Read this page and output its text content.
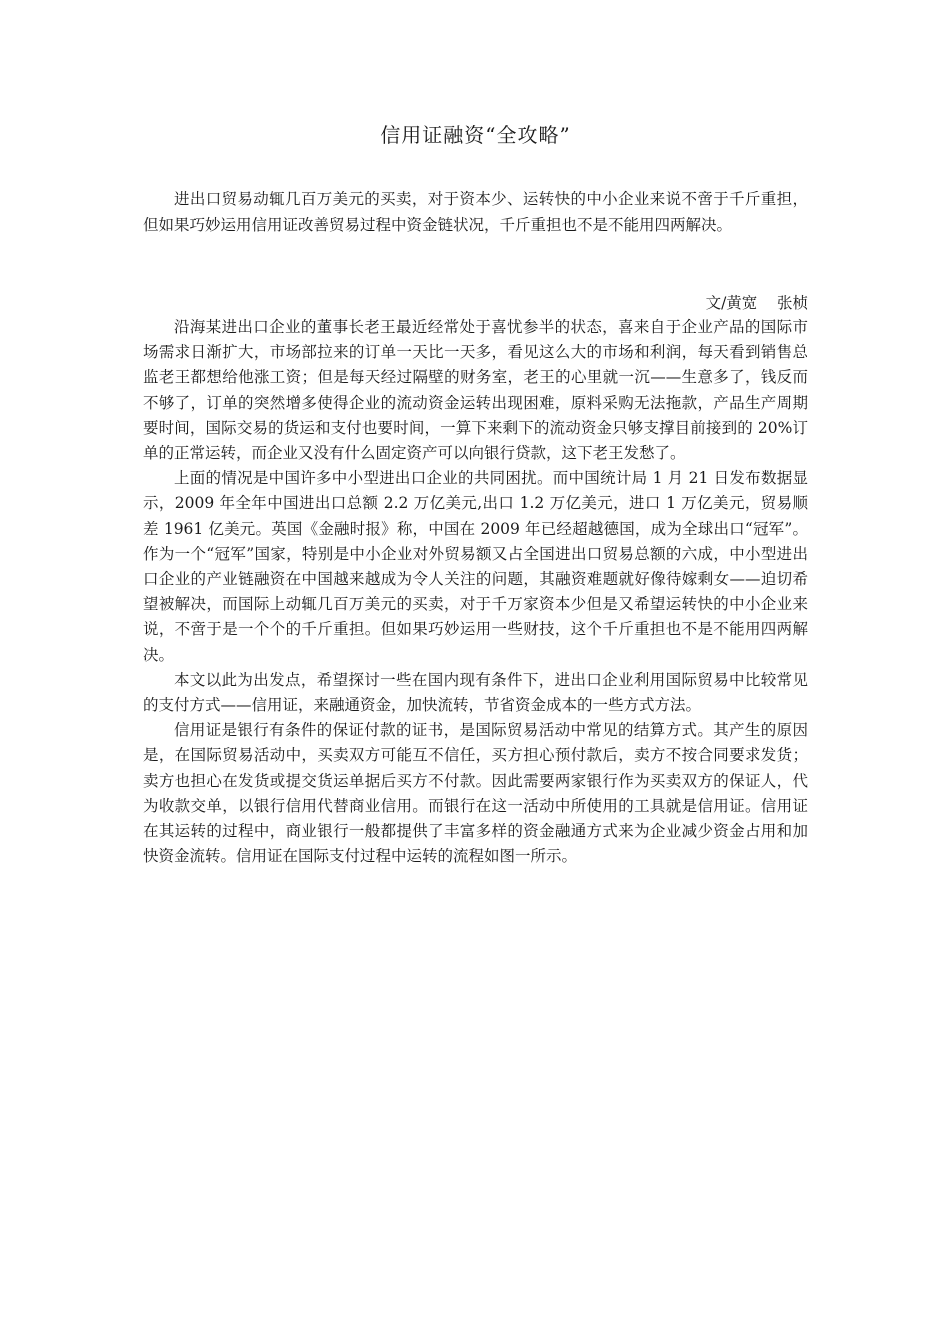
信用证融资“全攻略”

进出口贸易动辄几百万美元的买卖，对于资本少、运转快的中小企业来说不啻于千斤重担，但如果巧妙运用信用证改善贸易过程中资金链状况，千斤重担也不是不能用四两解决。

文/黄宽    张桢

沿海某进出口企业的董事长老王最近经常处于喜忧参半的状态，喜来自于企业产品的国际市场需求日渐扩大，市场部拉来的订单一天比一天多，看见这么大的市场和利润，每天看到销售总监老王都想给他涨工资；但是每天经过隔壁的财务室，老王的心里就一沉——生意多了，钱反而不够了，订单的突然增多使得企业的流动资金运转出现困难，原料采购无法拖款，产品生产周期要时间，国际交易的货运和支付也要时间，一算下来剩下的流动资金只够支撑目前接到的 20%订单的正常运转，而企业又没有什么固定资产可以向银行贷款，这下老王发愁了。

上面的情况是中国许多中小型进出口企业的共同困扰。而中国统计局 1 月 21 日发布数据显示，2009 年全年中国进出口总额 2.2 万亿美元,出口 1.2 万亿美元，进口 1 万亿美元，贸易顺差 1961 亿美元。英国《金融时报》称，中国在 2009 年已经超越德国，成为全球出口“冠军”。作为一个“冠军”国家，特别是中小企业对外贸易额又占全国进出口贸易总额的六成，中小型进出口企业的产业链融资在中国越来越成为令人关注的问题，其融资难题就好像待嫁剩女——迫切希望被解决，而国际上动辄几百万美元的买卖，对于千万家资本少但是又希望运转快的中小企业来说，不啻于是一个个的千斤重担。但如果巧妙运用一些财技，这个千斤重担也不是不能用四两解决。

本文以此为出发点，希望探讨一些在国内现有条件下，进出口企业利用国际贸易中比较常见的支付方式——信用证，来融通资金，加快流转，节省资金成本的一些方式方法。

信用证是银行有条件的保证付款的证书，是国际贸易活动中常见的结算方式。其产生的原因是，在国际贸易活动中，买卖双方可能互不信任，买方担心预付款后，卖方不按合同要求发货；卖方也担心在发货或提交货运单据后买方不付款。因此需要两家银行作为买卖双方的保证人，代为收款交单，以银行信用代替商业信用。而银行在这一活动中所使用的工具就是信用证。信用证在其运转的过程中，商业银行一般都提供了丰富多样的资金融通方式来为企业减少资金占用和加快资金流转。信用证在国际支付过程中运转的流程如图一所示。
